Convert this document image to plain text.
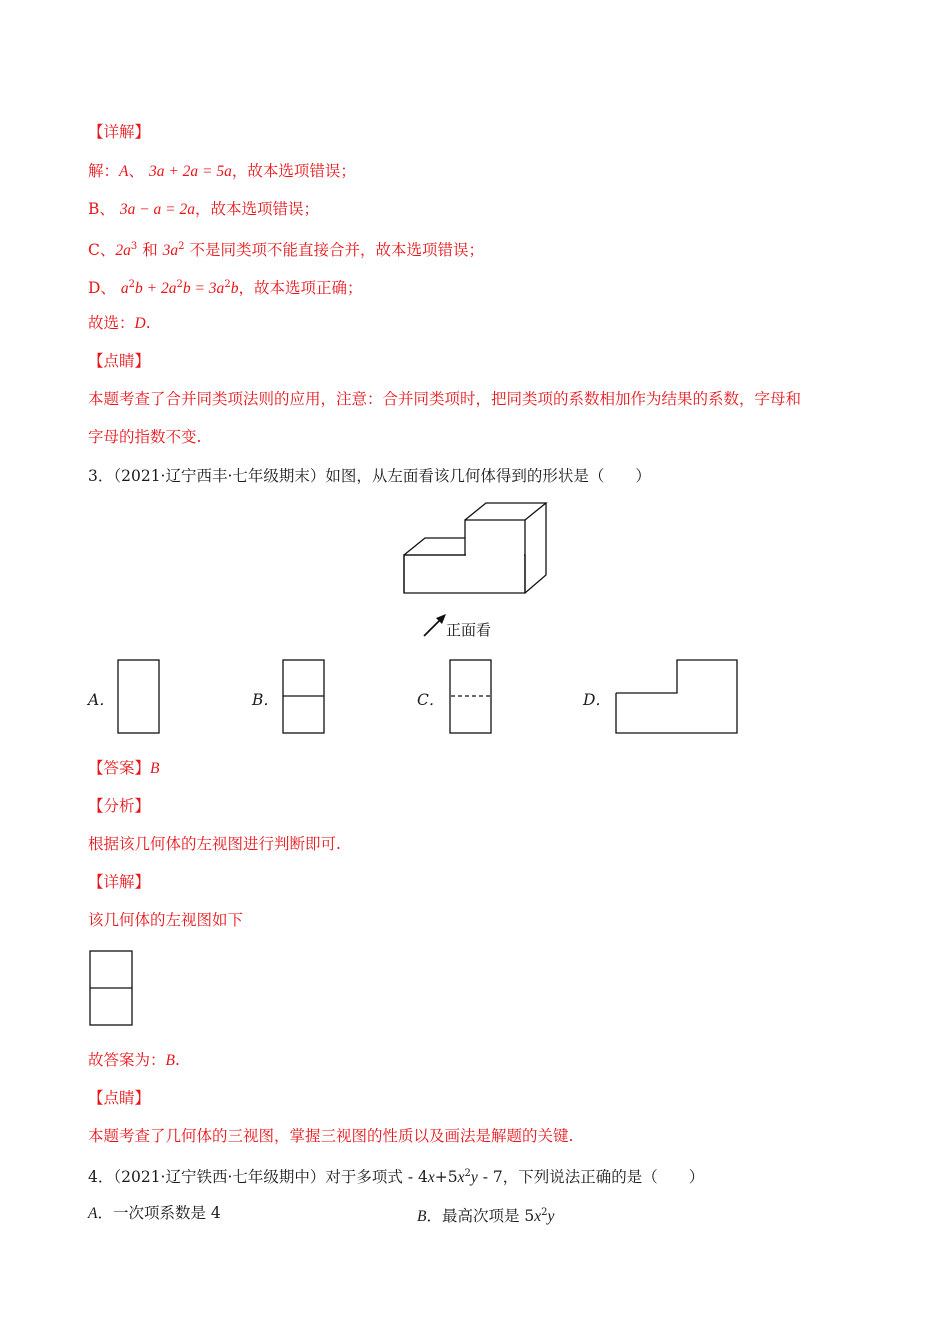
【详解】
解：A、 3a + 2a = 5a，故本选项错误；
B、 3a − a = 2a，故本选项错误；
C、$2a^3$ 和 $3a^2$ 不是同类项不能直接合并，故本选项错误；
D、 $a^2b + 2a^2b = 3a^2b$，故本选项正确；
故选：D.
【点睛】
本题考查了合并同类项法则的应用，注意：合并同类项时，把同类项的系数相加作为结果的系数，字母和
字母的指数不变.
3．（2021·辽宁西丰·七年级期末）如图，从左面看该几何体得到的形状是（　　）
正面看
A．	B．	C．	D．
【答案】B
【分析】
根据该几何体的左视图进行判断即可.
【详解】
该几何体的左视图如下
故答案为：B.
【点睛】
本题考查了几何体的三视图，掌握三视图的性质以及画法是解题的关键.
4．（2021·辽宁铁西·七年级期中）对于多项式 - $4x+5x^2y - 7$，下列说法正确的是（　　）
A．一次项系数是 4	B．最高次项是 $5x^2y$
